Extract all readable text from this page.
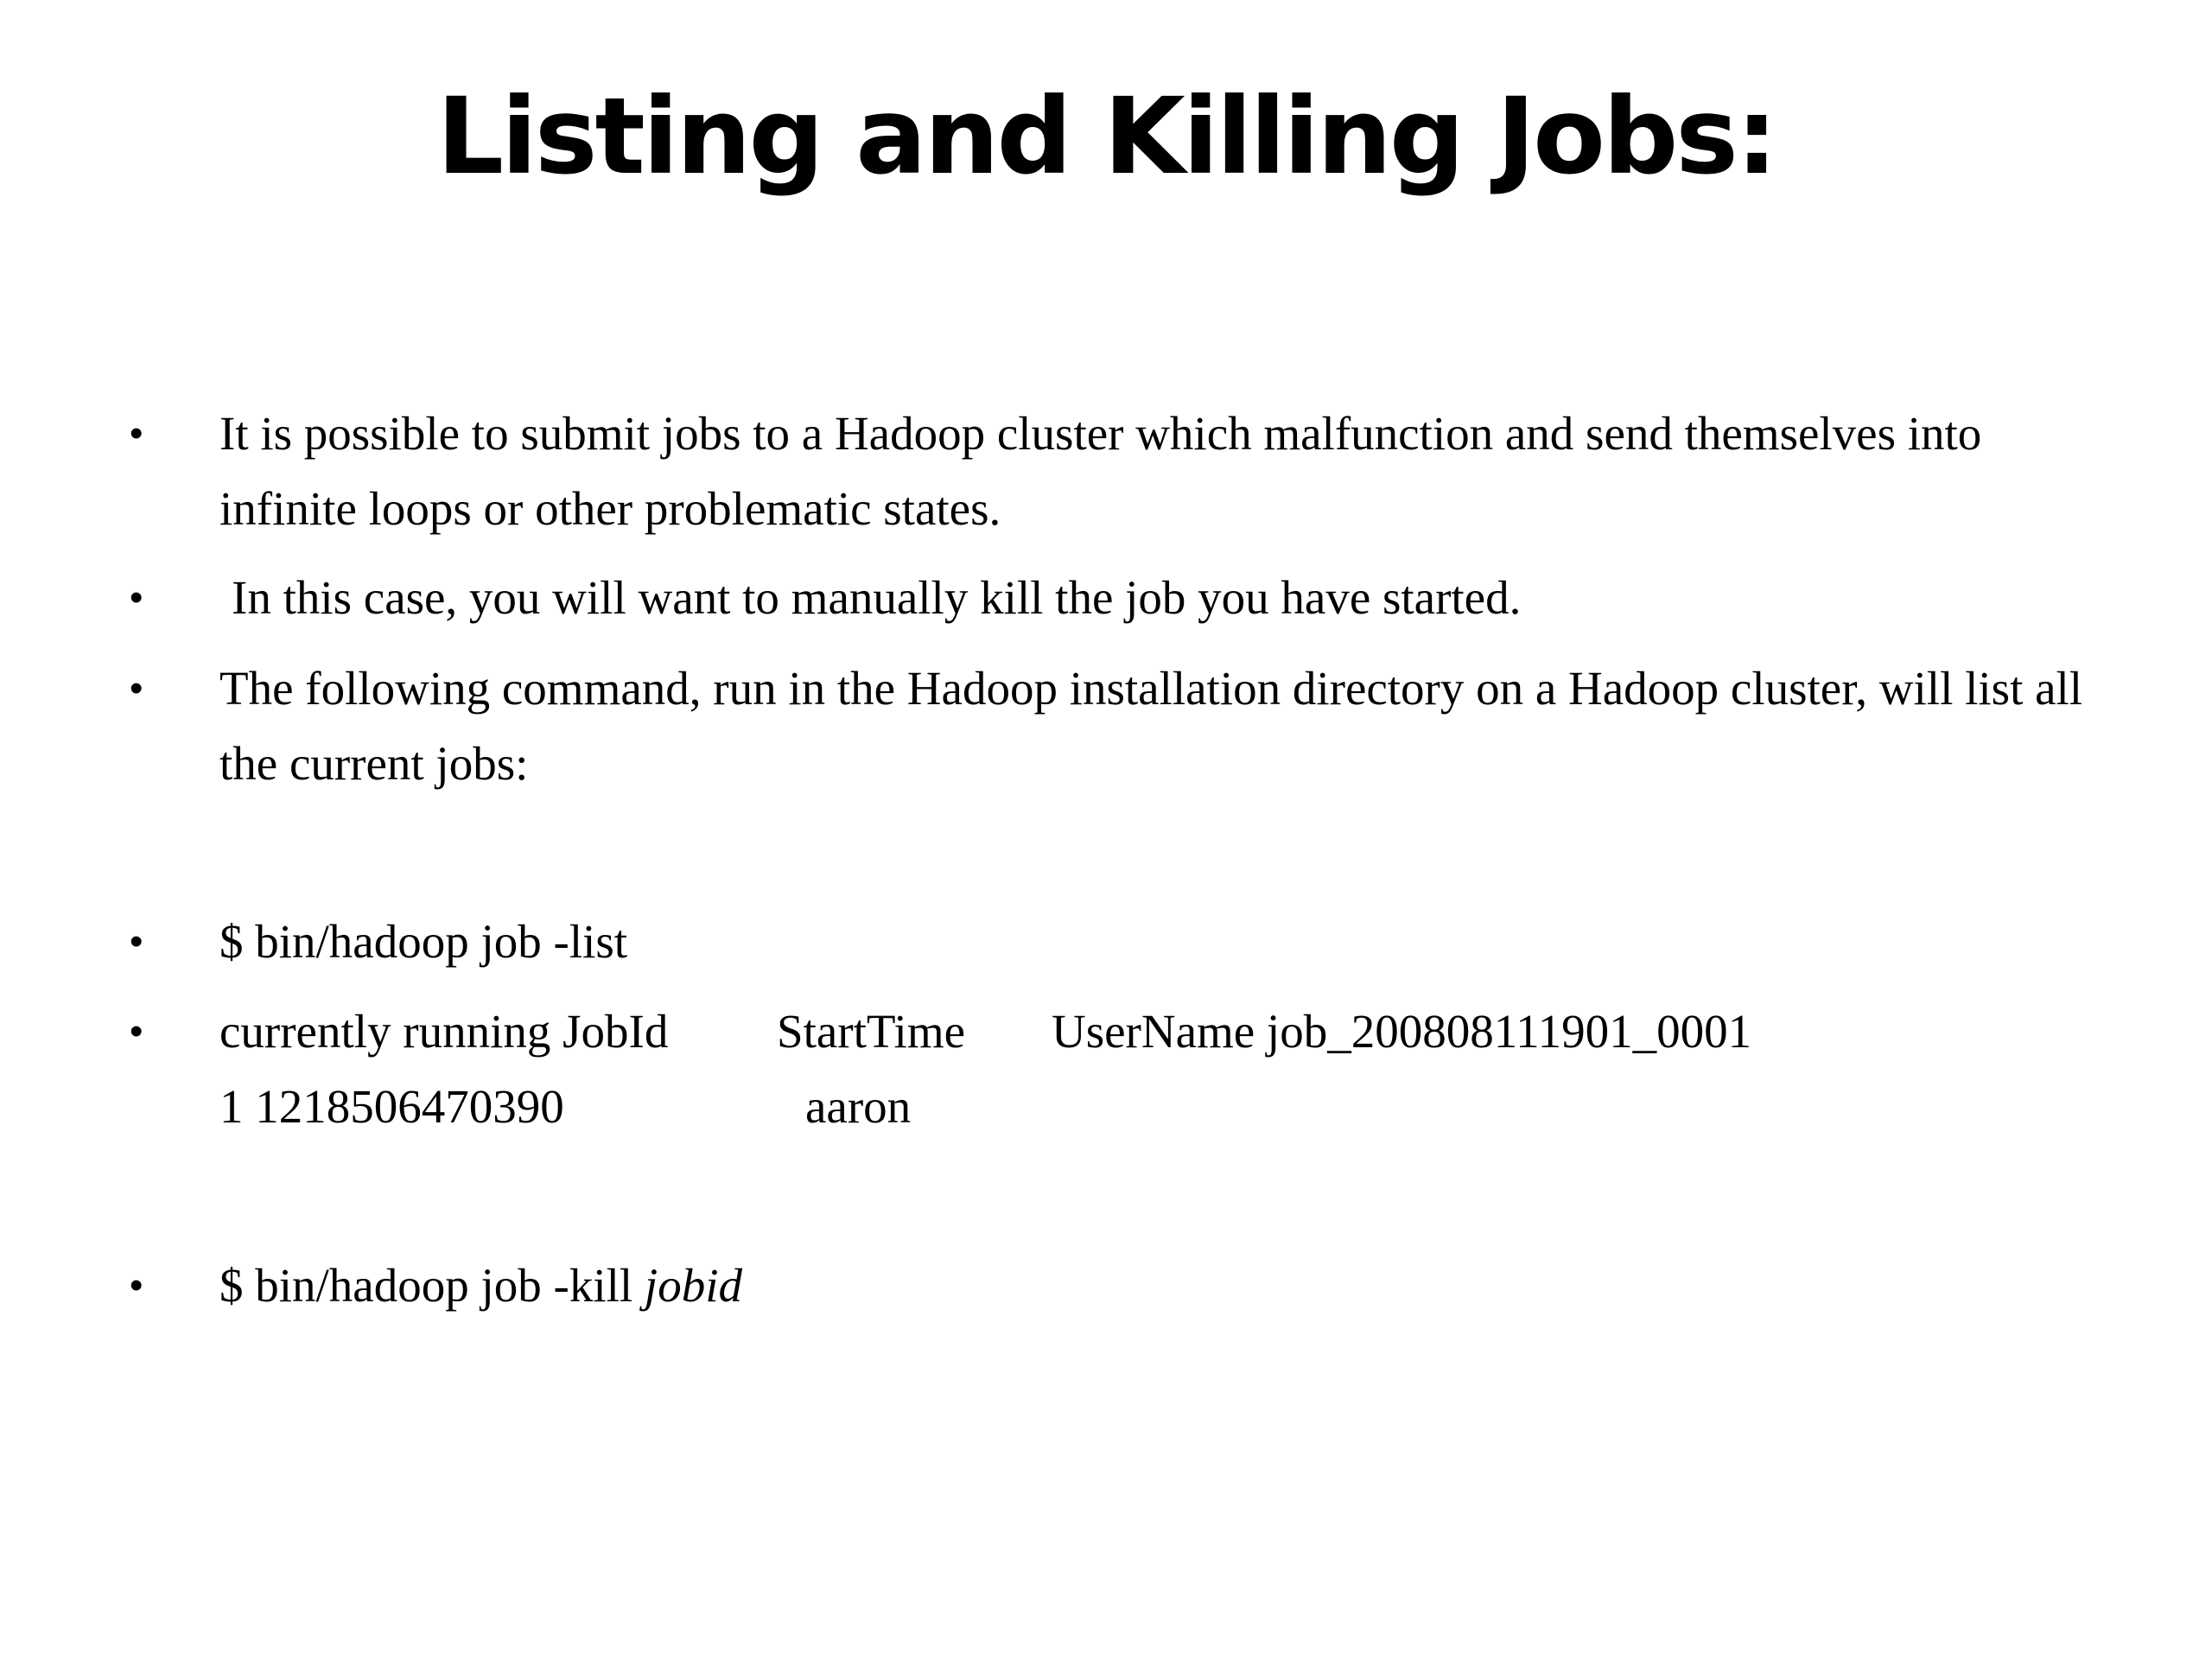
Listing and Killing Jobs:
•	It is possible to submit jobs to a Hadoop cluster which malfunction and send themselves into infinite loops or other problematic states.
•	In this case, you will want to manually kill the job you have started.
•	The following command, run in the Hadoop installation directory on a Hadoop cluster, will list all the current jobs:
•	$ bin/hadoop job -list
•	currently running JobId StartTime UserName job_200808111901_0001
1 1218506470390	aaron
•	$ bin/hadoop job -kill jobid
